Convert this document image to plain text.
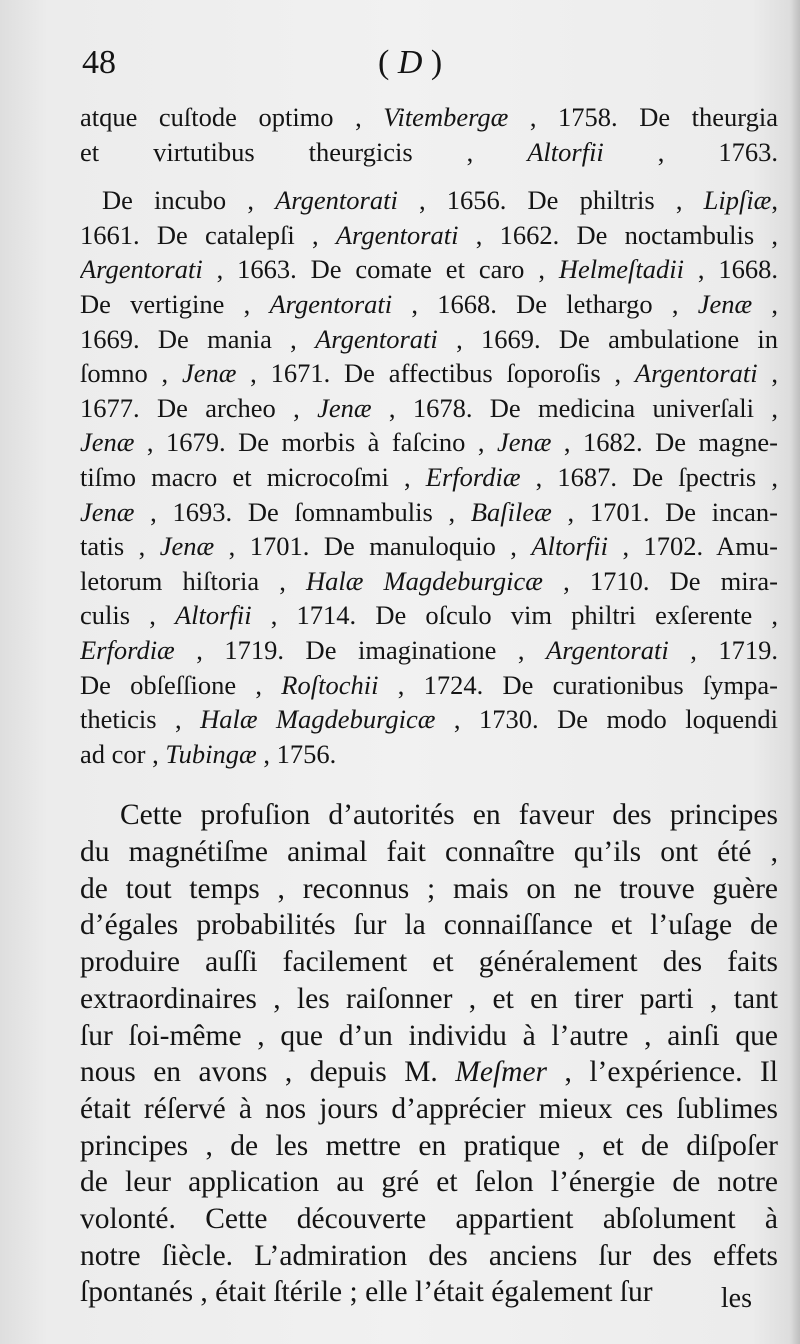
48	( D )
atque cuſtode optimo , Vitembergæ , 1758. De theurgia
et virtutibus theurgicis , Altorfii , 1763.
De incubo , Argentorati , 1656. De philtris , Lipſiæ,
1661. De catalepſi , Argentorati , 1662. De noctambulis ,
Argentorati , 1663. De comate et caro , Helmeſtadii , 1668.
De vertigine , Argentorati , 1668. De lethargo , Jenæ ,
1669. De mania , Argentorati , 1669. De ambulatione in
ſomno , Jenæ , 1671. De affectibus ſoporoſis , Argentorati ,
1677. De archeo , Jenæ , 1678. De medicina univerſali ,
Jenæ , 1679. De morbis à faſcino , Jenæ , 1682. De magne-
tiſmo macro et microcoſmi , Erfordiæ , 1687. De ſpectris ,
Jenæ , 1693. De ſomnambulis , Baſileæ , 1701. De incan-
tatis , Jenæ , 1701. De manuloquio , Altorfii , 1702. Amu-
letorum hiſtoria , Halæ Magdeburgicæ , 1710. De mira-
culis , Altorfii , 1714. De oſculo vim philtri exſerente ,
Erfordiæ , 1719. De imaginatione , Argentorati , 1719.
De obſeſſione , Roſtochii , 1724. De curationibus ſympa-
theticis , Halæ Magdeburgicæ , 1730. De modo loquendi
ad cor , Tubingæ , 1756.
Cette profuſion d’autorités en faveur des principes
du magnétiſme animal fait connaître qu’ils ont été ,
de tout temps , reconnus ; mais on ne trouve guère
d’égales probabilités ſur la connaiſſance et l’uſage de
produire auſſi facilement et généralement des faits
extraordinaires , les raiſonner , et en tirer parti , tant
ſur ſoi-même , que d’un individu à l’autre , ainſi que
nous en avons , depuis M. Meſmer , l’expérience. Il
était réſervé à nos jours d’apprécier mieux ces ſublimes
principes , de les mettre en pratique , et de diſpoſer
de leur application au gré et ſelon l’énergie de notre
volonté. Cette découverte appartient abſolument à
notre ſiècle. L’admiration des anciens ſur des effets
ſpontanés , était ſtérile ; elle l’était également ſur	les
